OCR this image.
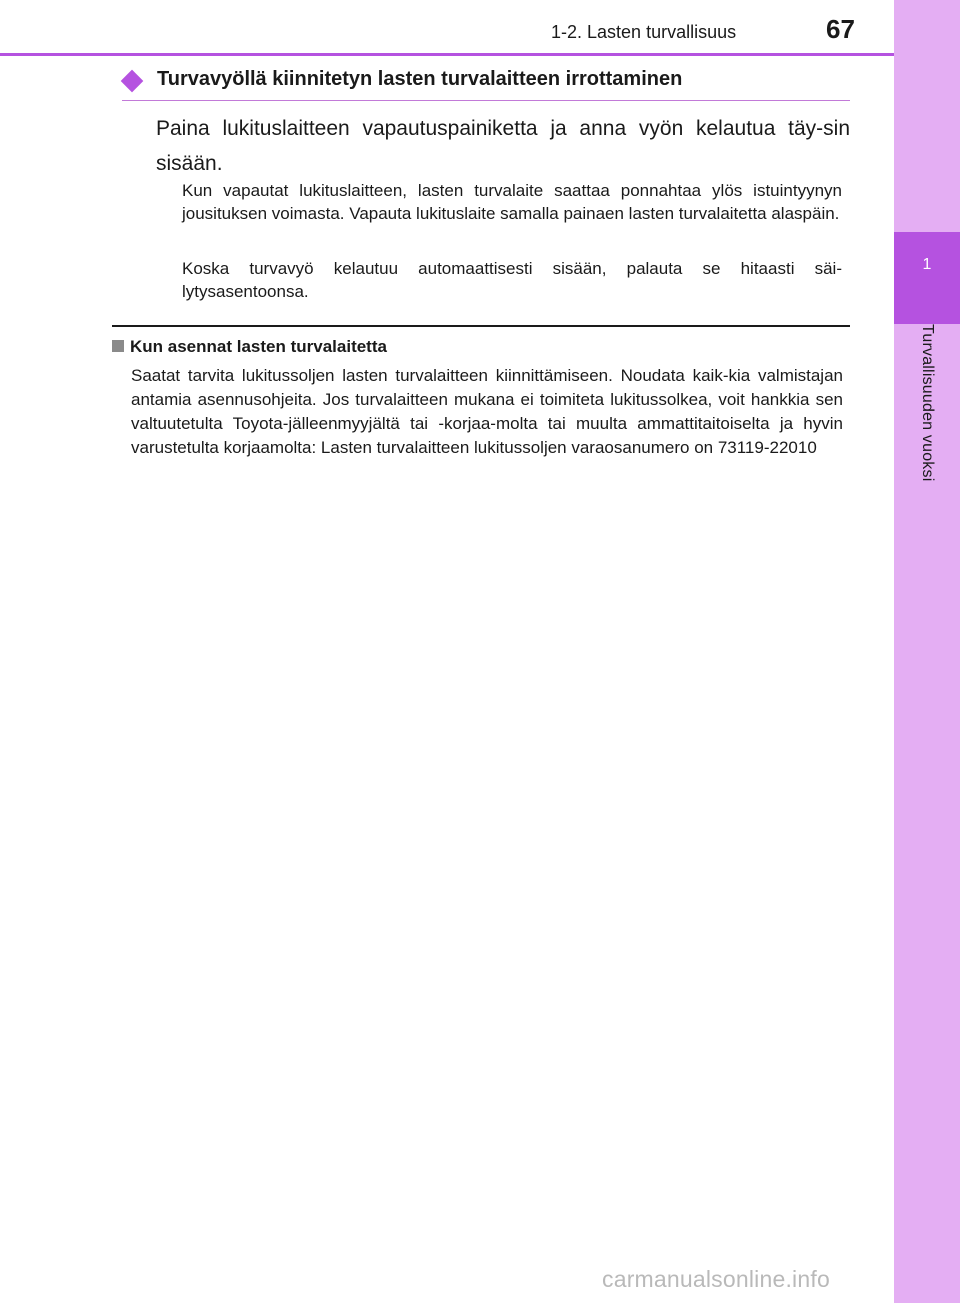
1
Turvallisuuden vuoksi
1-2. Lasten turvallisuus	67
Turvavyöllä kiinnitetyn lasten turvalaitteen irrottaminen
Paina lukituslaitteen vapautuspainiketta ja anna vyön kelautua täy-sin sisään.
Kun vapautat lukituslaitteen, lasten turvalaite saattaa ponnahtaa ylös istuintyynyn jousituksen voimasta. Vapauta lukituslaite samalla painaen lasten turvalaitetta alaspäin.
Koska turvavyö kelautuu automaattisesti sisään, palauta se hitaasti säi-lytysasentoonsa.
Kun asennat lasten turvalaitetta
Saatat tarvita lukitussoljen lasten turvalaitteen kiinnittämiseen. Noudata kaik-kia valmistajan antamia asennusohjeita. Jos turvalaitteen mukana ei toimiteta lukitussolkea, voit hankkia sen valtuutetulta Toyota-jälleenmyyjältä tai -korjaa-molta tai muulta ammattitaitoiselta ja hyvin varustetulta korjaamolta: Lasten turvalaitteen lukitussoljen varaosanumero on 73119-22010
carmanualsonline.info
